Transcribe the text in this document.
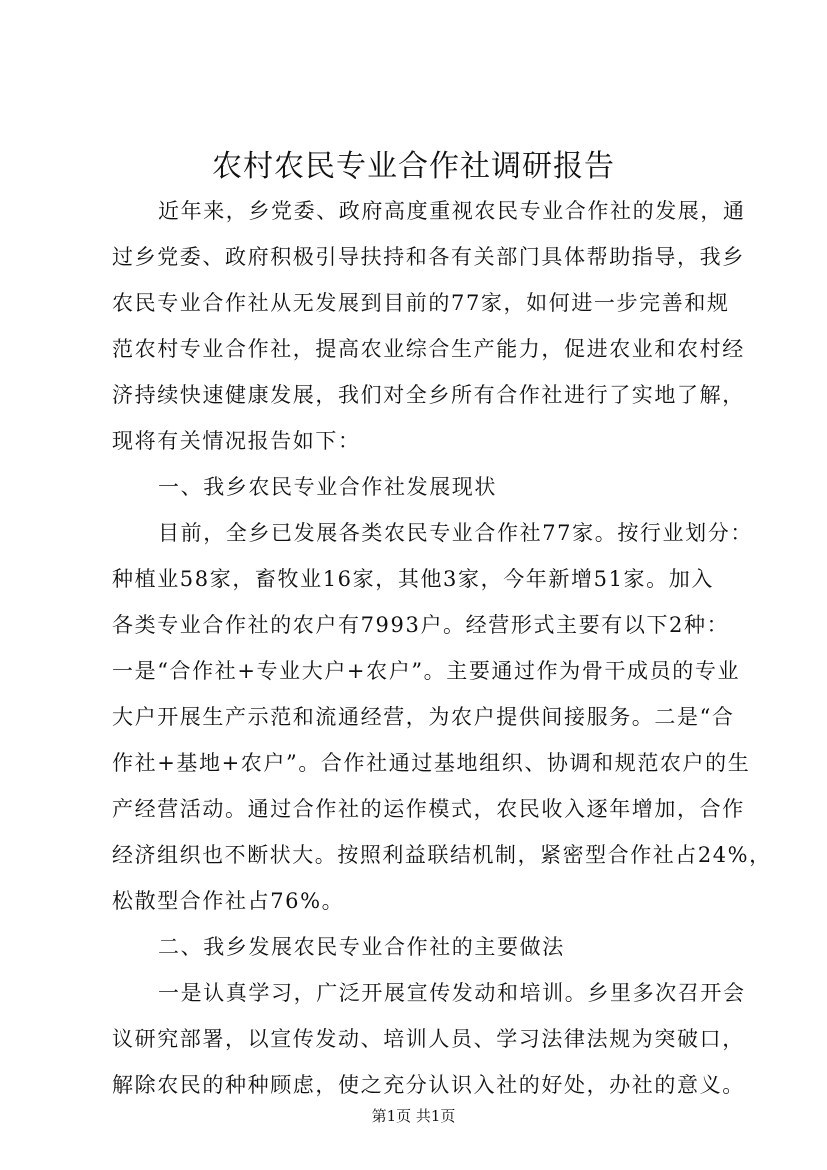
农村农民专业合作社调研报告
近年来，乡党委、政府高度重视农民专业合作社的发展，通
过乡党委、政府积极引导扶持和各有关部门具体帮助指导，我乡
农民专业合作社从无发展到目前的77家，如何进一步完善和规
范农村专业合作社，提高农业综合生产能力，促进农业和农村经
济持续快速健康发展，我们对全乡所有合作社进行了实地了解，
现将有关情况报告如下：
一、我乡农民专业合作社发展现状
目前，全乡已发展各类农民专业合作社77家。按行业划分：
种植业58家，畜牧业16家，其他3家，今年新增51家。加入
各类专业合作社的农户有7993户。经营形式主要有以下2种：
一是“合作社+专业大户+农户”。主要通过作为骨干成员的专业
大户开展生产示范和流通经营，为农户提供间接服务。二是“合
作社+基地+农户”。合作社通过基地组织、协调和规范农户的生
产经营活动。通过合作社的运作模式，农民收入逐年增加，合作
经济组织也不断状大。按照利益联结机制，紧密型合作社占24%，
松散型合作社占76%。
二、我乡发展农民专业合作社的主要做法
一是认真学习，广泛开展宣传发动和培训。乡里多次召开会
议研究部署，以宣传发动、培训人员、学习法律法规为突破口，
解除农民的种种顾虑，使之充分认识入社的好处，办社的意义。
第1页 共1页
